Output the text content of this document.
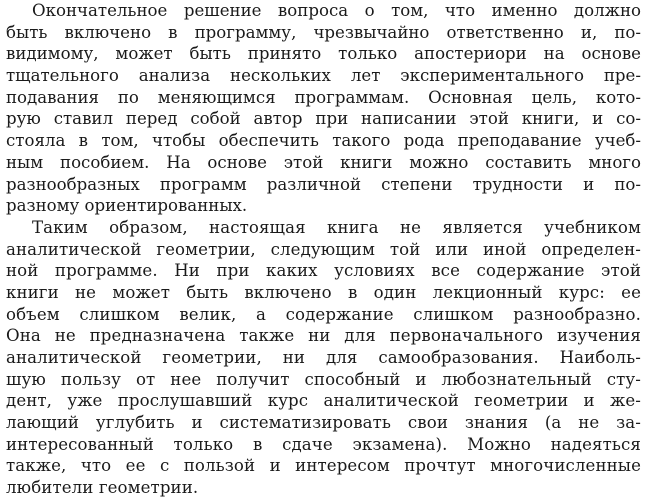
Окончательное решение вопроса о том, что именно должно
быть включено в программу, чрезвычайно ответственно и, по-
видимому, может быть принято только апостериори на основе
тщательного анализа нескольких лет экспериментального пре-
подавания по меняющимся программам. Основная цель, кото-
рую ставил перед собой автор при написании этой книги, и со-
стояла в том, чтобы обеспечить такого рода преподавание учеб-
ным пособием. На основе этой книги можно составить много
разнообразных программ различной степени трудности и по-
разному ориентированных.
Таким образом, настоящая книга не является учебником
аналитической геометрии, следующим той или иной определен-
ной программе. Ни при каких условиях все содержание этой
книги не может быть включено в один лекционный курс: ее
объем слишком велик, а содержание слишком разнообразно.
Она не предназначена также ни для первоначального изучения
аналитической геометрии, ни для самообразования. Наиболь-
шую пользу от нее получит способный и любознательный сту-
дент, уже прослушавший курс аналитической геометрии и же-
лающий углубить и систематизировать свои знания (а не за-
интересованный только в сдаче экзамена). Можно надеяться
также, что ее с пользой и интересом прочтут многочисленные
любители геометрии.
